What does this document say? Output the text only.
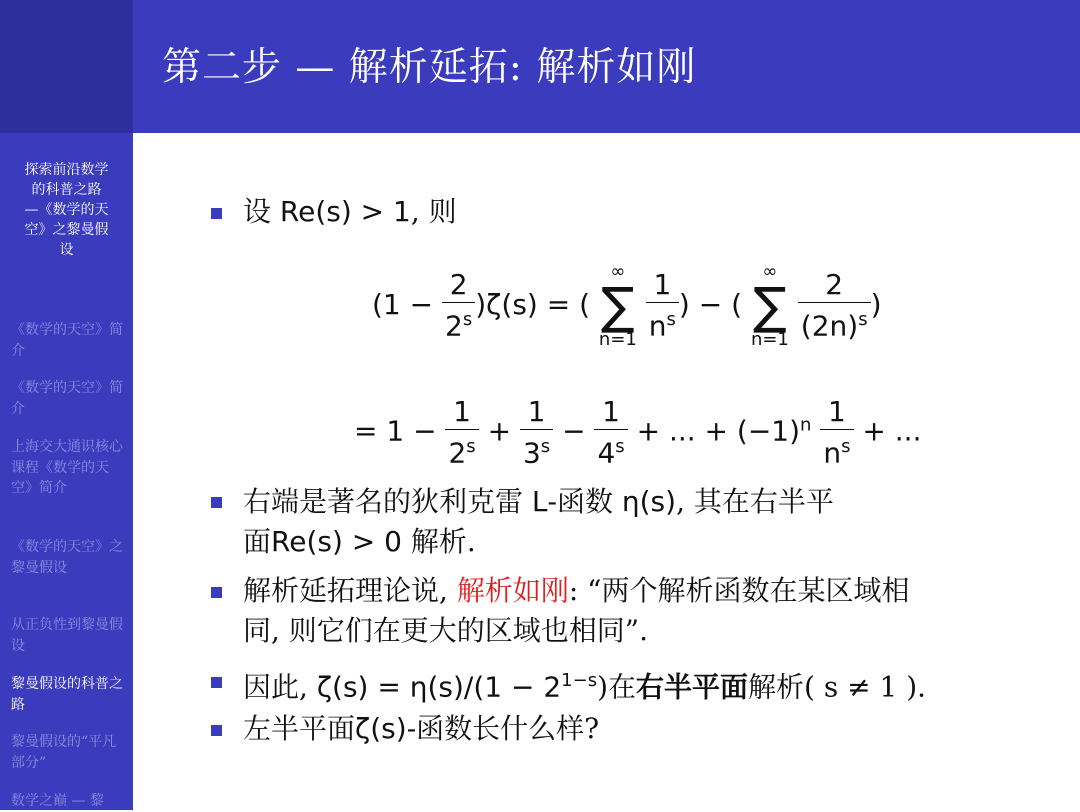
第二步 — 解析延拓: 解析如刚
探索前沿数学
的科普之路
—《数学的天
空》之黎曼假
设
《数学的天空》简介
《数学的天空》简介
上海交大通识核心课程《数学的天空》简介
《数学的天空》之黎曼假设
从正负性到黎曼假设
黎曼假设的科普之路
黎曼假设的“平凡部分”
数学之巅 — 黎
设 Re(s) > 1, 则
$(1 - \frac{2}{2^s} )\zeta(s)$ = (
∞
∑
n=1
$\frac{1}{n^s}$ ) − (
∞
∑
n=1
$\frac{2}{(2n)^s}$ )
= $1 - \frac{1}{2^s} + \frac{1}{3^s} - \frac{1}{4^s}$ + ... + $(-1)^n \frac{1}{n^s}$ + ...
右端是著名的狄利克雷 L-函数 η(s), 其在右半平
面Re(s) > 0 解析.
解析延拓理论说, 解析如刚: “两个解析函数在某区域相
同, 则它们在更大的区域也相同”.
因此, $\zeta(s) = \eta(s)/(1 - 2^{1-s})$在右半平面解析( s ≠ 1 ).
左半平面ζ(s)-函数长什么样?
